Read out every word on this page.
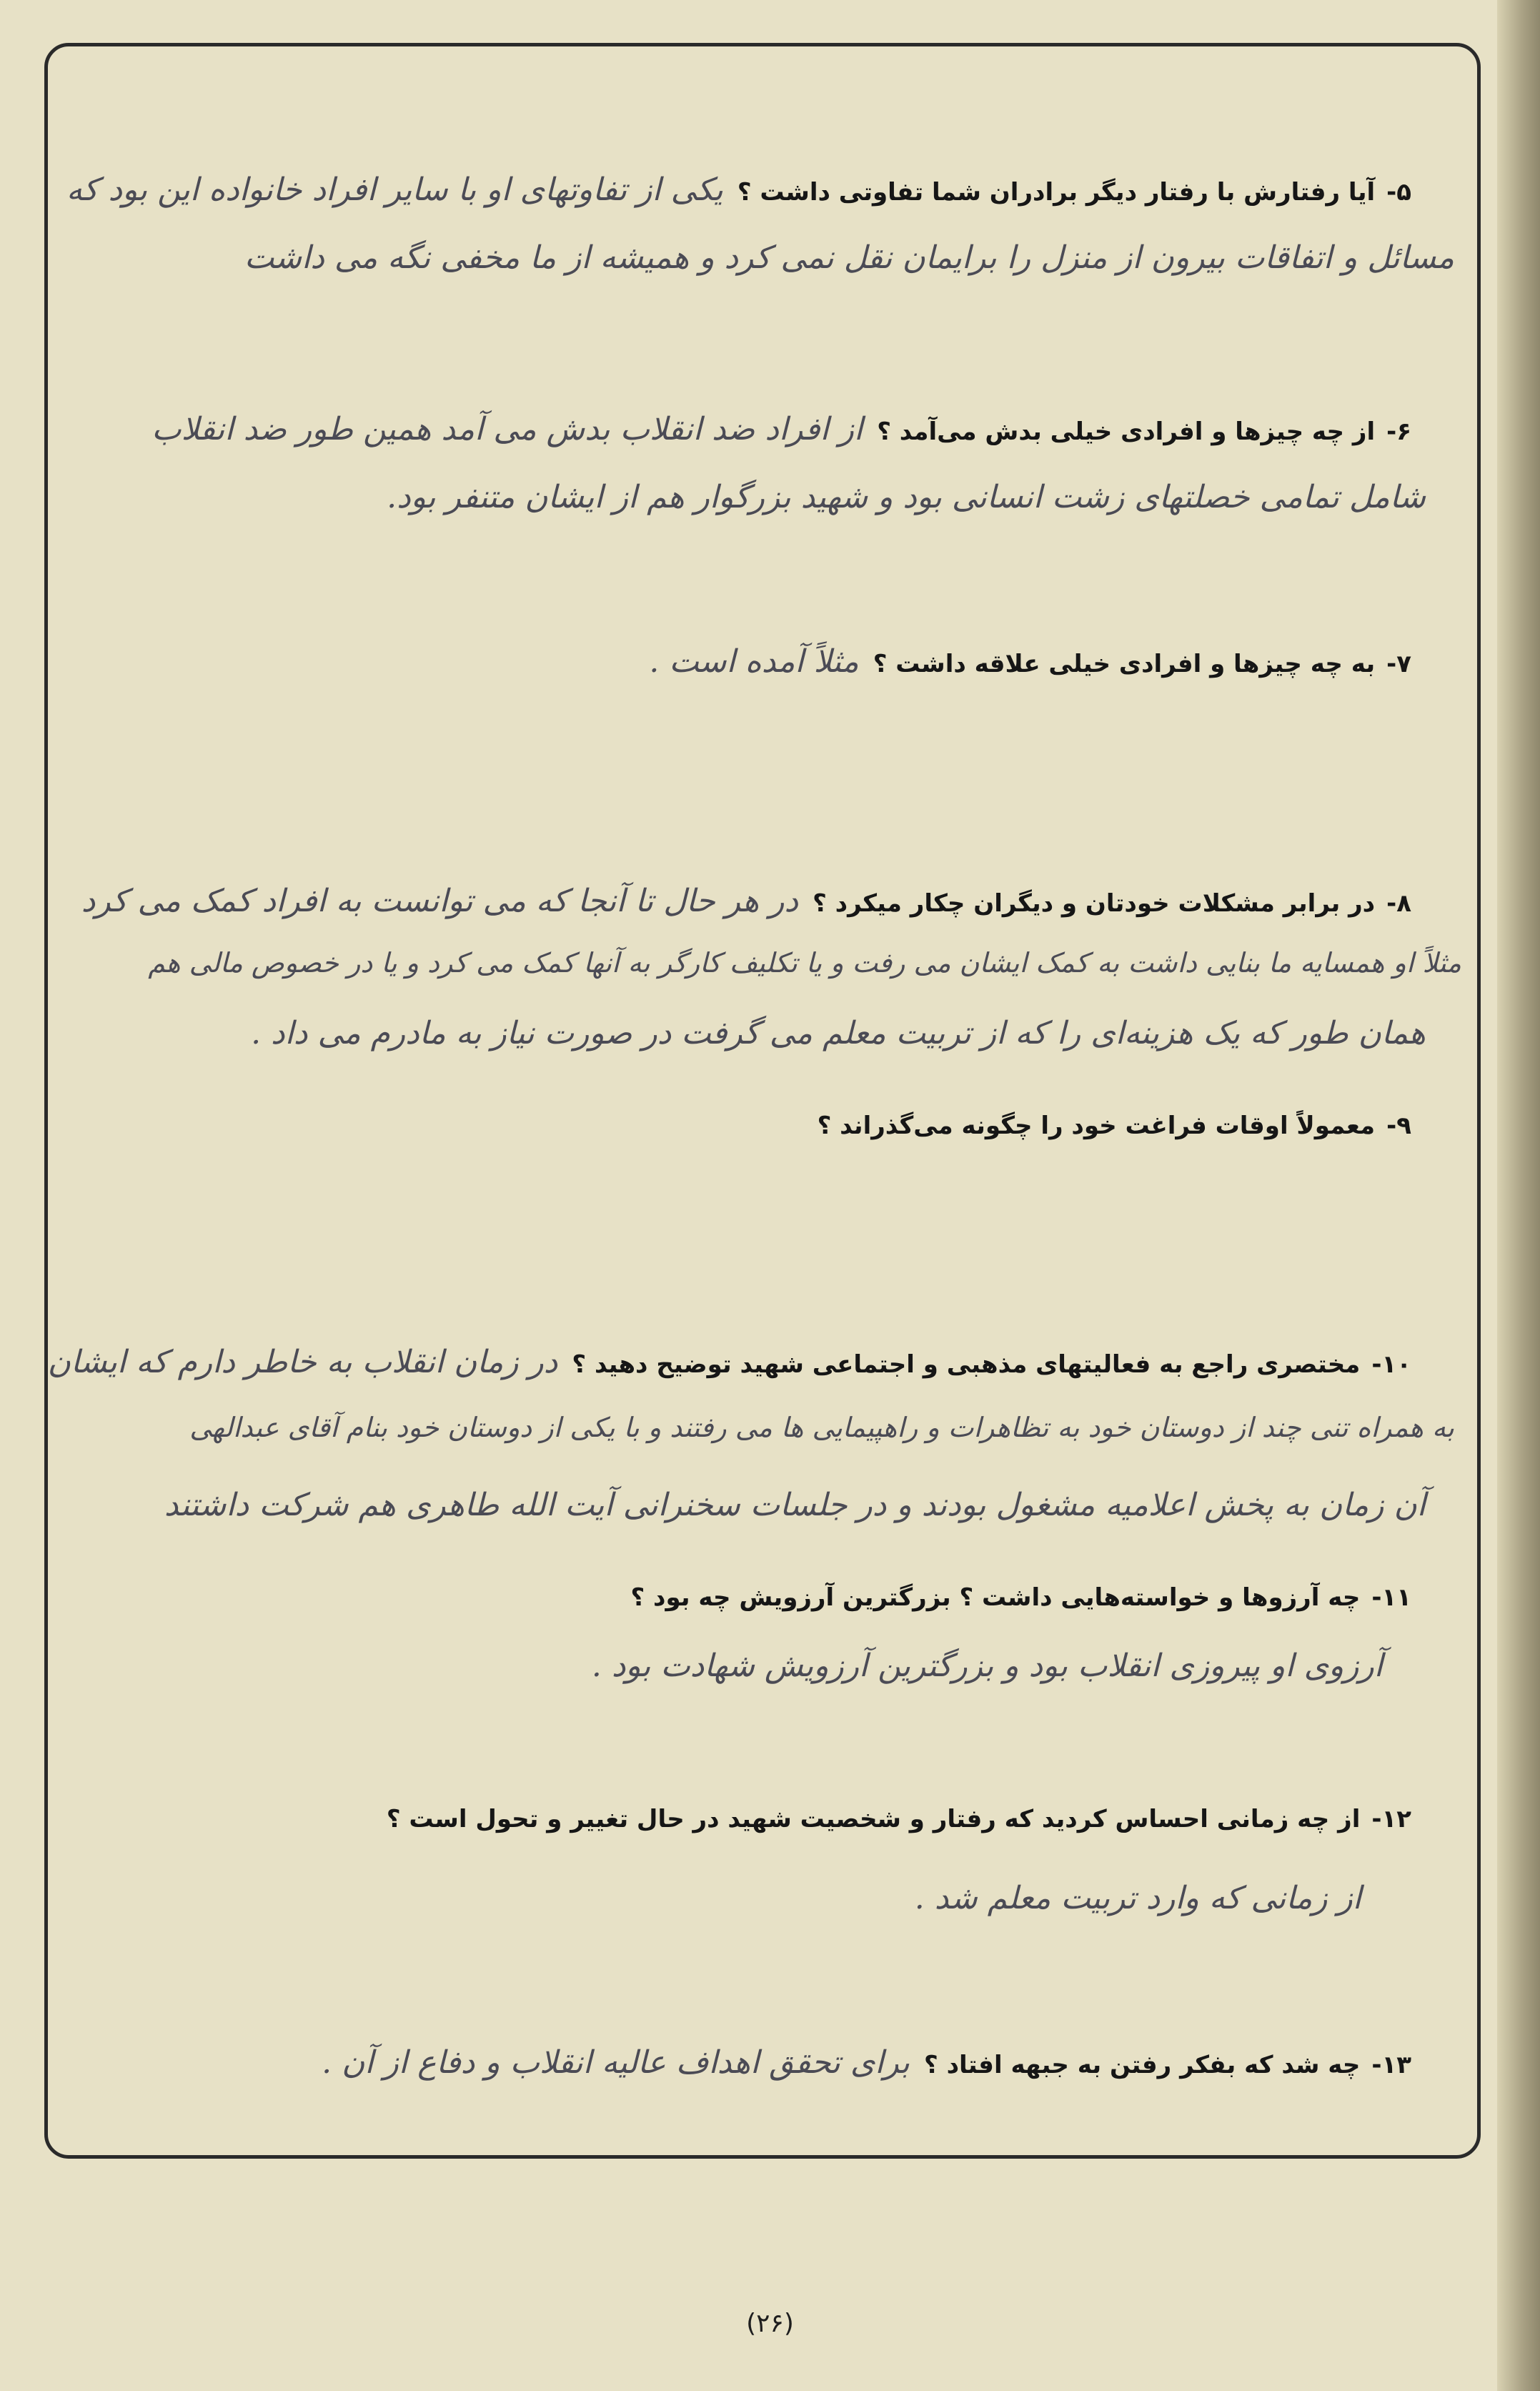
۵-آیا رفتارش با رفتار دیگر برادران شما تفاوتی داشت ؟یکی از تفاوتهای او با سایر افراد خانواده این بود که
مسائل و اتفاقات بیرون از منزل را برایمان نقل نمی کرد و همیشه از ما مخفی نگه می داشت
۶-از چه چیزها و افرادی خیلی بدش می‌آمد ؟از افراد ضد انقلاب بدش می آمد همین طور ضد انقلاب
شامل تمامی خصلتهای زشت انسانی بود و شهید بزرگوار هم از ایشان متنفر بود.
۷-به چه چیزها و افرادی خیلی علاقه داشت ؟مثلاً آمده است .
۸-در برابر مشکلات خودتان و دیگران چکار میکرد ؟در هر حال تا آنجا که می توانست به افراد کمک می کرد
مثلاً او همسایه ما بنایی داشت به کمک ایشان می رفت و یا تکلیف کارگر به آنها کمک می کرد و یا در خصوص مالی هم
همان طور که یک هزینه‌ای را که از تربیت معلم می گرفت در صورت نیاز به مادرم می داد .
۹-معمولاً اوقات فراغت خود را چگونه می‌گذراند ؟
۱۰-مختصری راجع به فعالیتهای مذهبی و اجتماعی شهید توضیح دهید ؟در زمان انقلاب به خاطر دارم که ایشان
به همراه تنی چند از دوستان خود به تظاهرات و راهپیمایی ها می رفتند و با یکی از دوستان خود بنام آقای عبدالهی
آن زمان به پخش اعلامیه مشغول بودند و در جلسات سخنرانی آیت الله طاهری هم شرکت داشتند
۱۱-چه آرزوها و خواسته‌هایی داشت ؟ بزرگترین آرزویش چه بود ؟
آرزوی او پیروزی انقلاب بود و بزرگترین آرزویش شهادت بود .
۱۲-از چه زمانی احساس کردید که رفتار و شخصیت شهید در حال تغییر و تحول است ؟
از زمانی که وارد تربیت معلم شد .
۱۳-چه شد که بفکر رفتن به جبهه افتاد ؟برای تحقق اهداف عالیه انقلاب و دفاع از آن .
(۲۶)
